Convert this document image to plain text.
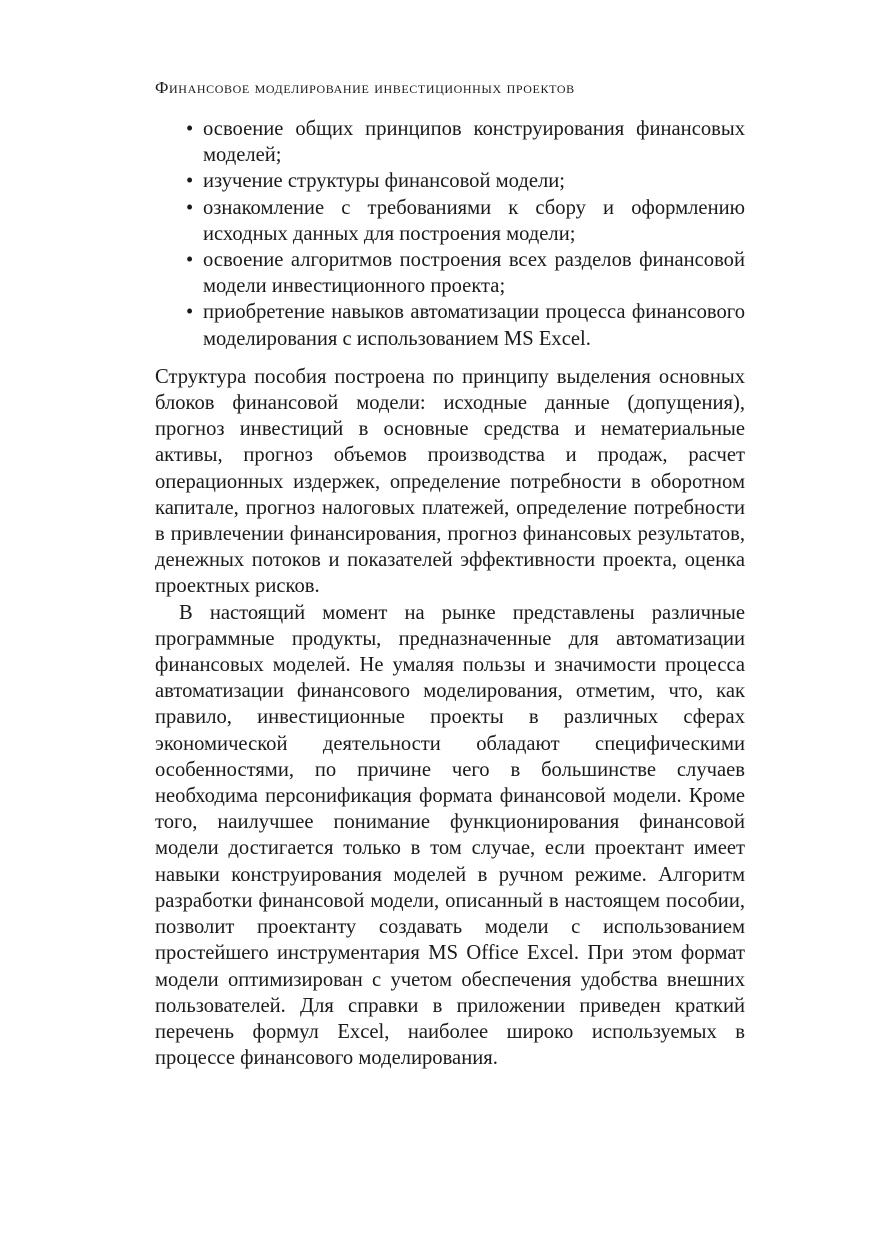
Финансовое моделирование инвестиционных проектов
• освоение общих принципов конструирования финансовых моделей;
• изучение структуры финансовой модели;
• ознакомление с требованиями к сбору и оформлению исходных данных для построения модели;
• освоение алгоритмов построения всех разделов финансовой модели инвестиционного проекта;
• приобретение навыков автоматизации процесса финансового моделирования с использованием MS Excel.

Структура пособия построена по принципу выделения основных блоков финансовой модели: исходные данные (допущения), прогноз инвестиций в основные средства и нематериальные активы, прогноз объемов производства и продаж, расчет операционных издержек, определение потребности в оборотном капитале, прогноз налоговых платежей, определение потребности в привлечении финансирования, прогноз финансовых результатов, денежных потоков и показателей эффективности проекта, оценка проектных рисков.

В настоящий момент на рынке представлены различные программные продукты, предназначенные для автоматизации финансовых моделей. Не умаляя пользы и значимости процесса автоматизации финансового моделирования, отметим, что, как правило, инвестиционные проекты в различных сферах экономической деятельности обладают специфическими особенностями, по причине чего в большинстве случаев необходима персонификация формата финансовой модели. Кроме того, наилучшее понимание функционирования финансовой модели достигается только в том случае, если проектант имеет навыки конструирования моделей в ручном режиме. Алгоритм разработки финансовой модели, описанный в настоящем пособии, позволит проектанту создавать модели с использованием простейшего инструментария MS Office Excel. При этом формат модели оптимизирован с учетом обеспечения удобства внешних пользователей. Для справки в приложении приведен краткий перечень формул Excel, наиболее широко используемых в процессе финансового моделирования.
